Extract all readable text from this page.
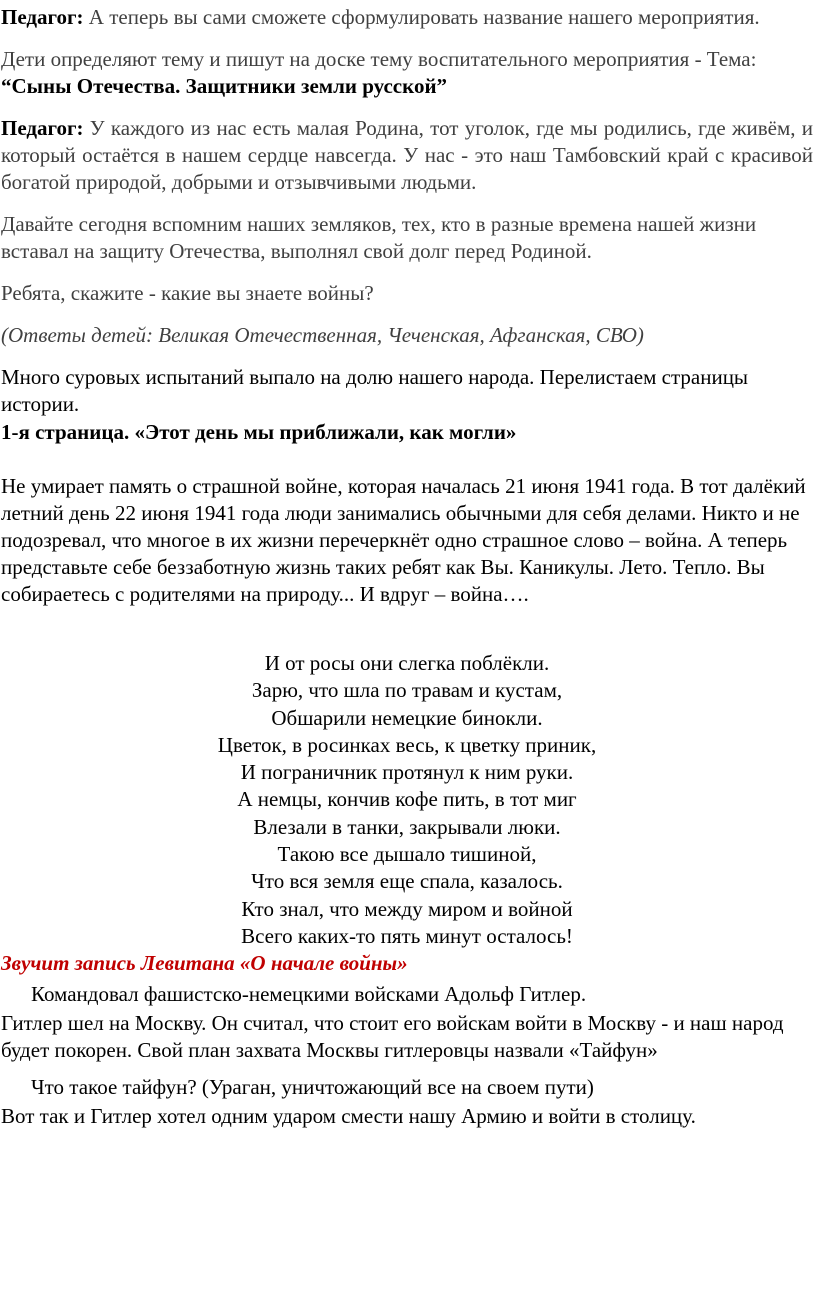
Педагог: А теперь вы сами сможете сформулировать название нашего мероприятия.

Дети определяют тему и пишут на доске тему воспитательного мероприятия - Тема: “Сыны Отечества. Защитники земли русской”

Педагог: У каждого из нас есть малая Родина, тот уголок, где мы родились, где живём, и который остаётся в нашем сердце навсегда. У нас - это наш Тамбовский край с красивой богатой природой, добрыми и отзывчивыми людьми.

Давайте сегодня вспомним наших земляков, тех, кто в разные времена нашей жизни вставал на защиту Отечества, выполнял свой долг перед Родиной.

Ребята, скажите - какие вы знаете войны?

(Ответы детей: Великая Отечественная, Чеченская, Афганская, СВО)

Много суровых испытаний выпало на долю нашего народа. Перелистаем страницы истории.

1-я страница. «Этот день мы приближали, как могли»

Не умирает память о страшной войне, которая началась 21 июня 1941 года. В тот далёкий летний день 22 июня 1941 года люди занимались обычными для себя делами. Никто и не подозревал, что многое в их жизни перечеркнёт одно страшное слово – война. А теперь представьте себе беззаботную жизнь таких ребят как Вы. Каникулы. Лето. Тепло. Вы собираетесь с родителями на природу... И вдруг – война….

И от росы они слегка поблёкли.
Зарю, что шла по травам и кустам,
Обшарили немецкие бинокли.
Цветок, в росинках весь, к цветку приник,
И пограничник протянул к ним руки.
А немцы, кончив кофе пить, в тот миг
Влезали в танки, закрывали люки.
Такою все дышало тишиной,
Что вся земля еще спала, казалось.
Кто знал, что между миром и войной
Всего каких-то пять минут осталось!

Звучит запись Левитана «О начале войны»

Командовал фашистско-немецкими войсками Адольф Гитлер.

Гитлер шел на Москву. Он считал, что стоит его войскам войти в Москву - и наш народ будет покорен. Свой план захвата Москвы гитлеровцы назвали «Тайфун»

Что такое тайфун? (Ураган, уничтожающий все на своем пути)

Вот так и Гитлер хотел одним ударом смести нашу Армию и войти в столицу.
